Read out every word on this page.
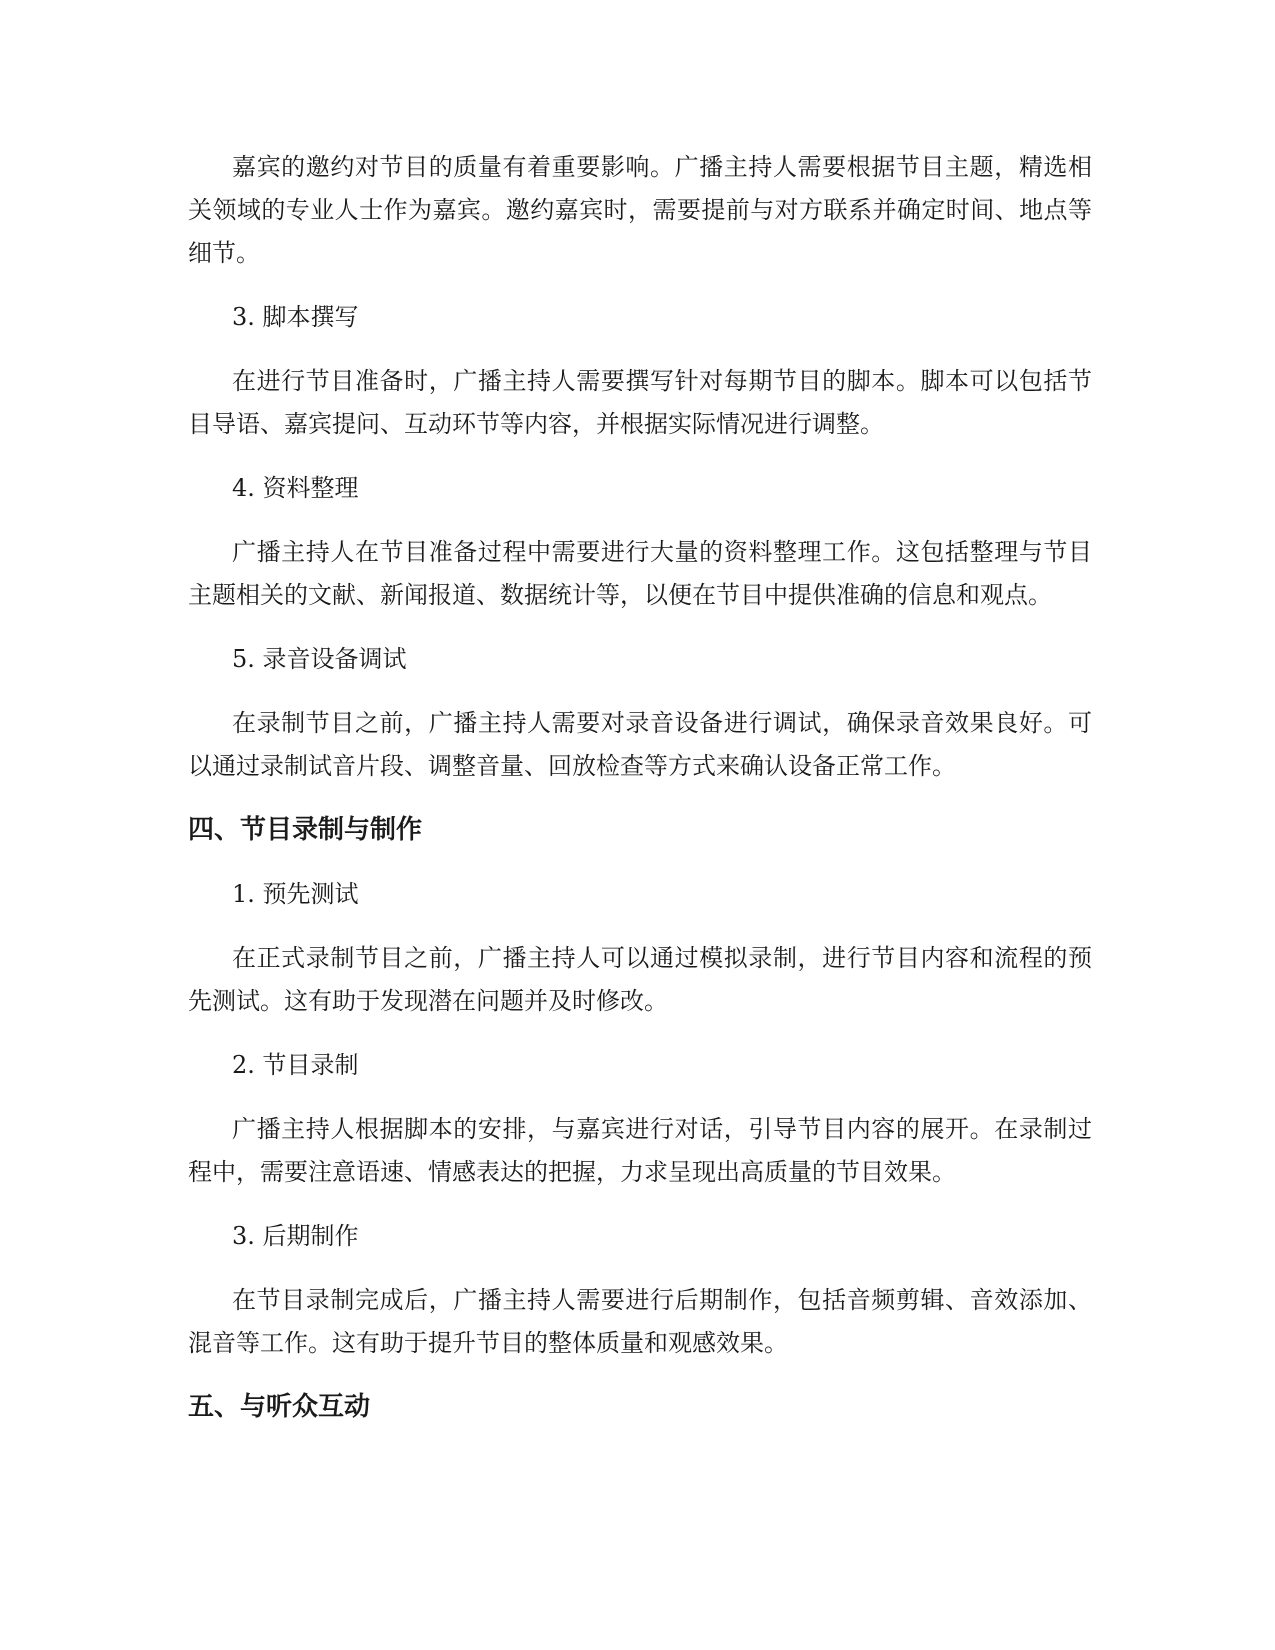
嘉宾的邀约对节目的质量有着重要影响。广播主持人需要根据节目主题，精选相关领域的专业人士作为嘉宾。邀约嘉宾时，需要提前与对方联系并确定时间、地点等细节。

3. 脚本撰写

在进行节目准备时，广播主持人需要撰写针对每期节目的脚本。脚本可以包括节目导语、嘉宾提问、互动环节等内容，并根据实际情况进行调整。

4. 资料整理

广播主持人在节目准备过程中需要进行大量的资料整理工作。这包括整理与节目主题相关的文献、新闻报道、数据统计等，以便在节目中提供准确的信息和观点。

5. 录音设备调试

在录制节目之前，广播主持人需要对录音设备进行调试，确保录音效果良好。可以通过录制试音片段、调整音量、回放检查等方式来确认设备正常工作。

四、节目录制与制作

1. 预先测试

在正式录制节目之前，广播主持人可以通过模拟录制，进行节目内容和流程的预先测试。这有助于发现潜在问题并及时修改。

2. 节目录制

广播主持人根据脚本的安排，与嘉宾进行对话，引导节目内容的展开。在录制过程中，需要注意语速、情感表达的把握，力求呈现出高质量的节目效果。

3. 后期制作

在节目录制完成后，广播主持人需要进行后期制作，包括音频剪辑、音效添加、混音等工作。这有助于提升节目的整体质量和观感效果。

五、与听众互动
